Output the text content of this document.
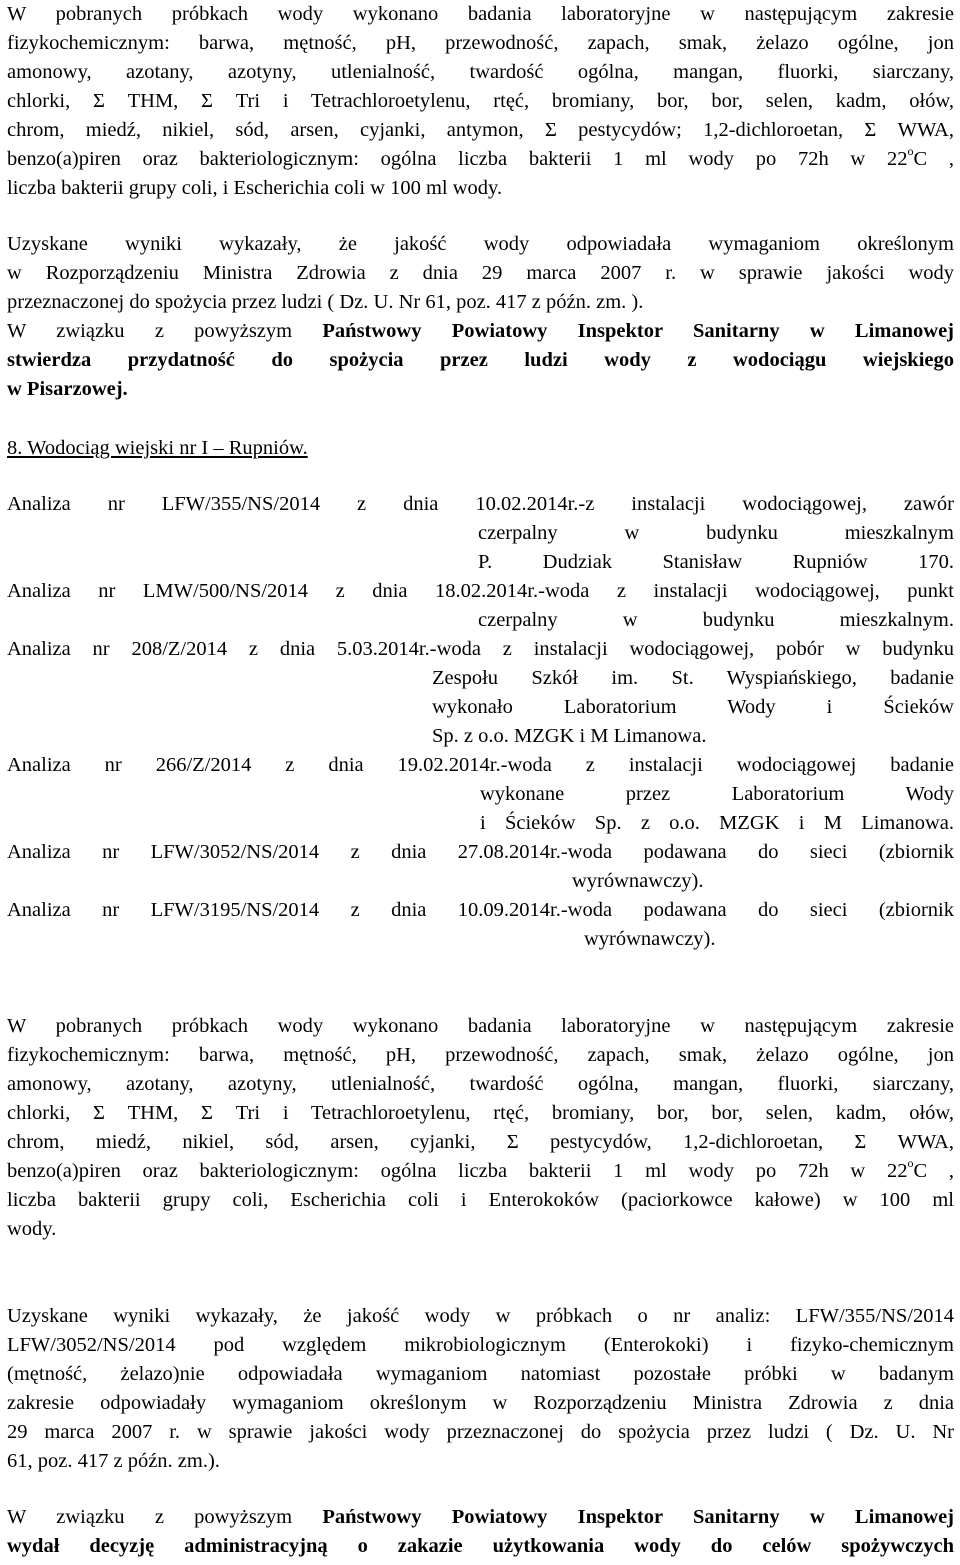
W pobranych próbkach wody wykonano badania laboratoryjne w następującym zakresie

fizykochemicznym: barwa, mętność, pH, przewodność, zapach, smak, żelazo ogólne, jon

amonowy, azotany, azotyny, utlenialność, twardość ogólna, mangan, fluorki, siarczany,

chlorki, Σ THM, Σ Tri i Tetrachloroetylenu, rtęć, bromiany, bor, bor, selen, kadm, ołów,

chrom, miedź, nikiel, sód, arsen, cyjanki, antymon, Σ pestycydów; 1,2-dichloroetan, Σ WWA,

benzo(a)piren oraz bakteriologicznym: ogólna liczba bakterii 1 ml wody po 72h w 22$^o$C ,

liczba bakterii grupy coli, i Escherichia coli w 100 ml wody.

Uzyskane wyniki wykazały, że jakość wody odpowiadała wymaganiom określonym

w Rozporządzeniu Ministra Zdrowia z dnia 29 marca 2007 r. w sprawie jakości wody

przeznaczonej do spożycia przez ludzi ( Dz. U. Nr 61, poz. 417 z późn. zm. ).

W związku z powyższym Państwowy Powiatowy Inspektor Sanitarny w Limanowej

stwierdza przydatność do spożycia przez ludzi wody z wodociągu wiejskiego

w Pisarzowej.

8. Wodociąg wiejski nr I – Rupniów.
Analiza nr LFW/355/NS/2014 z dnia 10.02.2014r.-z instalacji wodociągowej, zawór
czerpalny w budynku mieszkalnym
P. Dudziak Stanisław Rupniów 170.
Analiza nr LMW/500/NS/2014 z dnia 18.02.2014r.-woda z instalacji wodociągowej, punkt
czerpalny w budynku mieszkalnym.
Analiza nr 208/Z/2014 z dnia 5.03.2014r.-woda z instalacji wodociągowej, pobór w budynku
Zespołu Szkół im. St. Wyspiańskiego, badanie
wykonało Laboratorium Wody i Ścieków
Sp. z o.o. MZGK i M Limanowa.
Analiza nr 266/Z/2014 z dnia 19.02.2014r.-woda z instalacji wodociągowej badanie
wykonane przez Laboratorium Wody
i Ścieków Sp. z o.o. MZGK i M Limanowa.
Analiza nr LFW/3052/NS/2014 z dnia 27.08.2014r.-woda podawana do sieci (zbiornik
wyrównawczy).
Analiza nr LFW/3195/NS/2014 z dnia 10.09.2014r.-woda podawana do sieci (zbiornik
wyrównawczy).

W pobranych próbkach wody wykonano badania laboratoryjne w następującym zakresie

fizykochemicznym: barwa, mętność, pH, przewodność, zapach, smak, żelazo ogólne, jon

amonowy, azotany, azotyny, utlenialność, twardość ogólna, mangan, fluorki, siarczany,

chlorki, Σ THM, Σ Tri i Tetrachloroetylenu, rtęć, bromiany, bor, bor, selen, kadm, ołów,

chrom, miedź, nikiel, sód, arsen, cyjanki, Σ pestycydów, 1,2-dichloroetan, Σ WWA,

benzo(a)piren oraz bakteriologicznym: ogólna liczba bakterii 1 ml wody po 72h w 22$^o$C ,

liczba bakterii grupy coli, Escherichia coli i Enterokoków (paciorkowce kałowe) w 100 ml

wody.

Uzyskane wyniki wykazały, że jakość wody w próbkach o nr analiz: LFW/355/NS/2014

LFW/3052/NS/2014 pod względem mikrobiologicznym (Enterokoki) i fizyko-chemicznym

(mętność, żelazo)nie odpowiadała wymaganiom natomiast pozostałe próbki w badanym

zakresie odpowiadały wymaganiom określonym w Rozporządzeniu Ministra Zdrowia z dnia

29 marca 2007 r. w sprawie jakości wody przeznaczonej do spożycia przez ludzi ( Dz. U. Nr

61, poz. 417 z późn. zm.).

W związku z powyższym Państwowy Powiatowy Inspektor Sanitarny w Limanowej

wydał decyzję administracyjną o zakazie użytkowania wody do celów spożywczych
